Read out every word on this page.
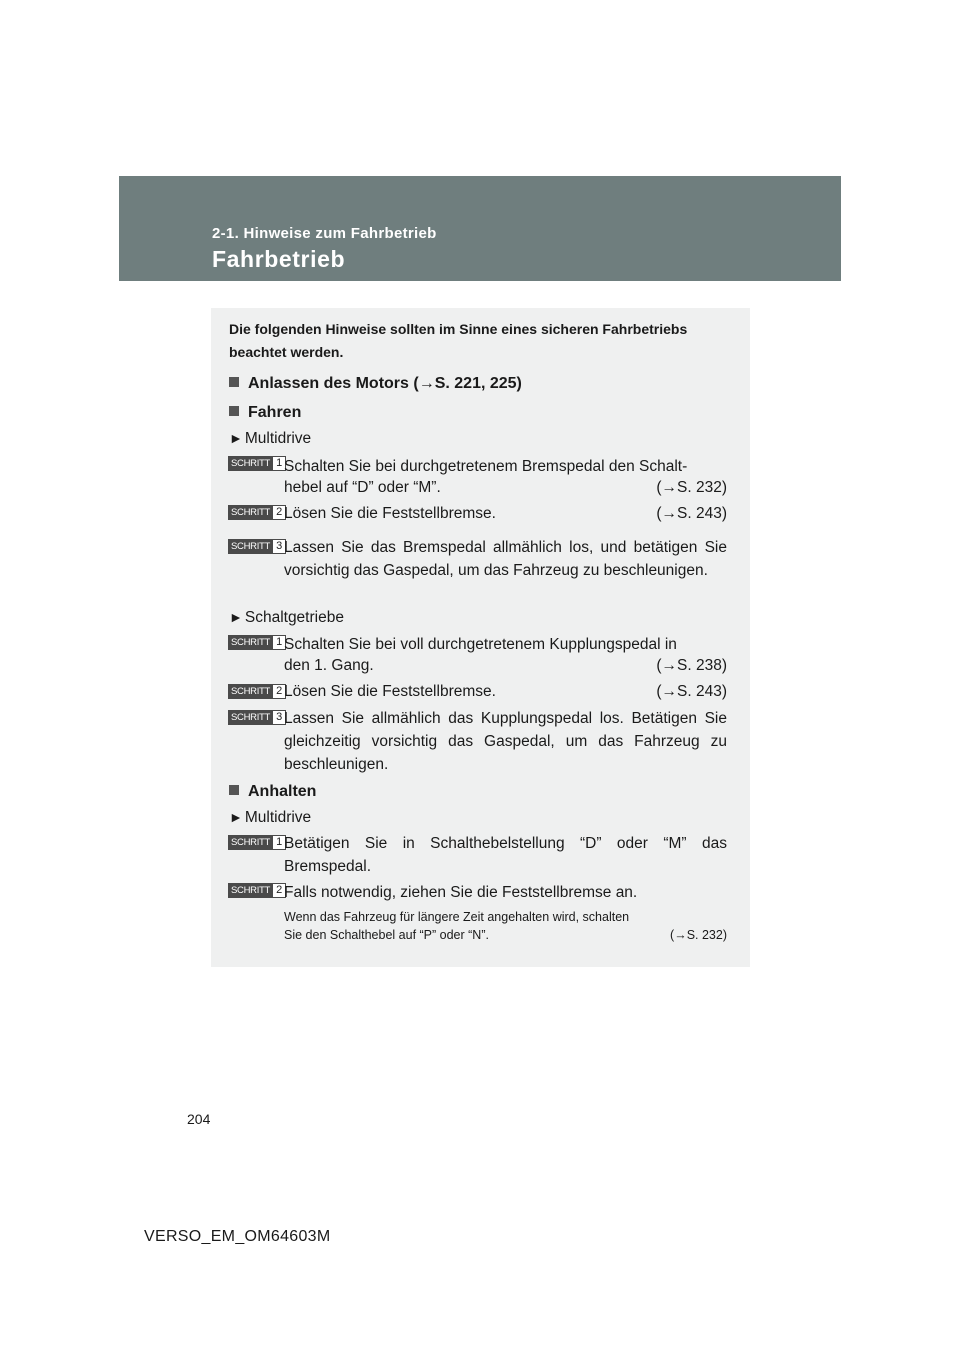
2-1. Hinweise zum Fahrbetrieb
Fahrbetrieb
Die folgenden Hinweise sollten im Sinne eines sicheren Fahrbetriebs beachtet werden.
Anlassen des Motors (→S. 221, 225)
Fahren
► Multidrive
SCHRITT 1 Schalten Sie bei durchgetretenem Bremspedal den Schalt-
hebel auf “D” oder “M”.	(→S. 232)
SCHRITT 2 Lösen Sie die Feststellbremse.	(→S. 243)
SCHRITT 3 Lassen Sie das Bremspedal allmählich los, und betätigen Sie vorsichtig das Gaspedal, um das Fahrzeug zu beschleunigen.
► Schaltgetriebe
SCHRITT 1 Schalten Sie bei voll durchgetretenem Kupplungspedal in
den 1. Gang.	(→S. 238)
SCHRITT 2 Lösen Sie die Feststellbremse.	(→S. 243)
SCHRITT 3 Lassen Sie allmählich das Kupplungspedal los. Betätigen Sie gleichzeitig vorsichtig das Gaspedal, um das Fahrzeug zu beschleunigen.
Anhalten
► Multidrive
SCHRITT 1 Betätigen Sie in Schalthebelstellung “D” oder “M” das Bremspedal.
SCHRITT 2 Falls notwendig, ziehen Sie die Feststellbremse an.
Wenn das Fahrzeug für längere Zeit angehalten wird, schalten
Sie den Schalthebel auf “P” oder “N”.	(→S. 232)
204
VERSO_EM_OM64603M
